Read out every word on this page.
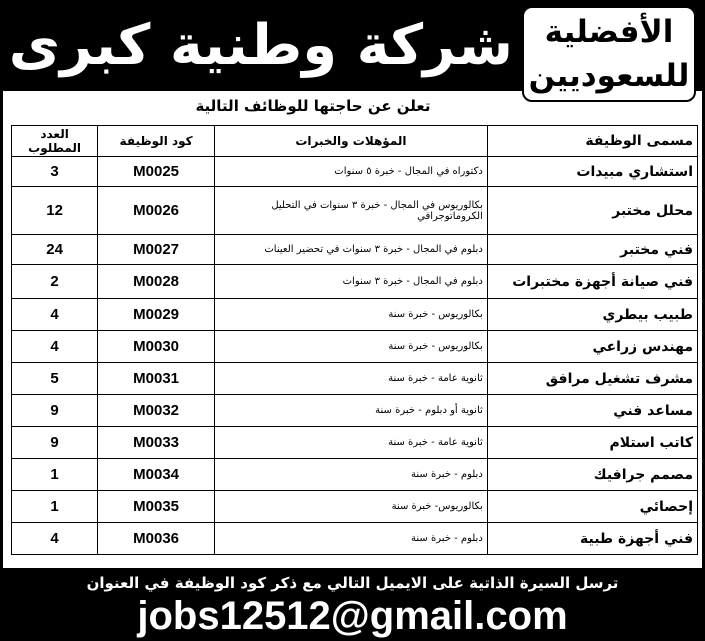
شركة وطنية كبرى	الأفضلية
للسعوديين
تعلن عن حاجتها للوظائف التالية
مسمى الوظيفة	المؤهلات والخبرات	كود الوظيفة	العدد المطلوب
استشاري مبيدات	دكتوراه في المجال - خبرة ٥ سنوات	M0025	3
محلل مختبر	بكالوريوس في المجال - خبرة ٣ سنوات في التحليل الكروماتوجرافي	M0026	12
فني مختبر	دبلوم في المجال - خبرة ٣ سنوات في تحضير العينات	M0027	24
فني صيانة أجهزة مختبرات	دبلوم في المجال - خبرة ٣ سنوات	M0028	2
طبيب بيطري	بكالوريوس - خبرة سنة	M0029	4
مهندس زراعي	بكالوريوس - خبرة سنة	M0030	4
مشرف تشغيل مرافق	ثانوية عامة - خبرة سنة	M0031	5
مساعد فني	ثانوية أو دبلوم - خبرة سنة	M0032	9
كاتب استلام	ثانوية عامة - خبرة سنة	M0033	9
مصمم جرافيك	دبلوم - خبرة سنة	M0034	1
إحصائي	بكالوريوس- خبرة سنة	M0035	1
فني أجهزة طبية	دبلوم - خبرة سنة	M0036	4
ترسل السيرة الذاتية على الايميل التالي مع ذكر كود الوظيفة في العنوان
jobs12512@gmail.com
